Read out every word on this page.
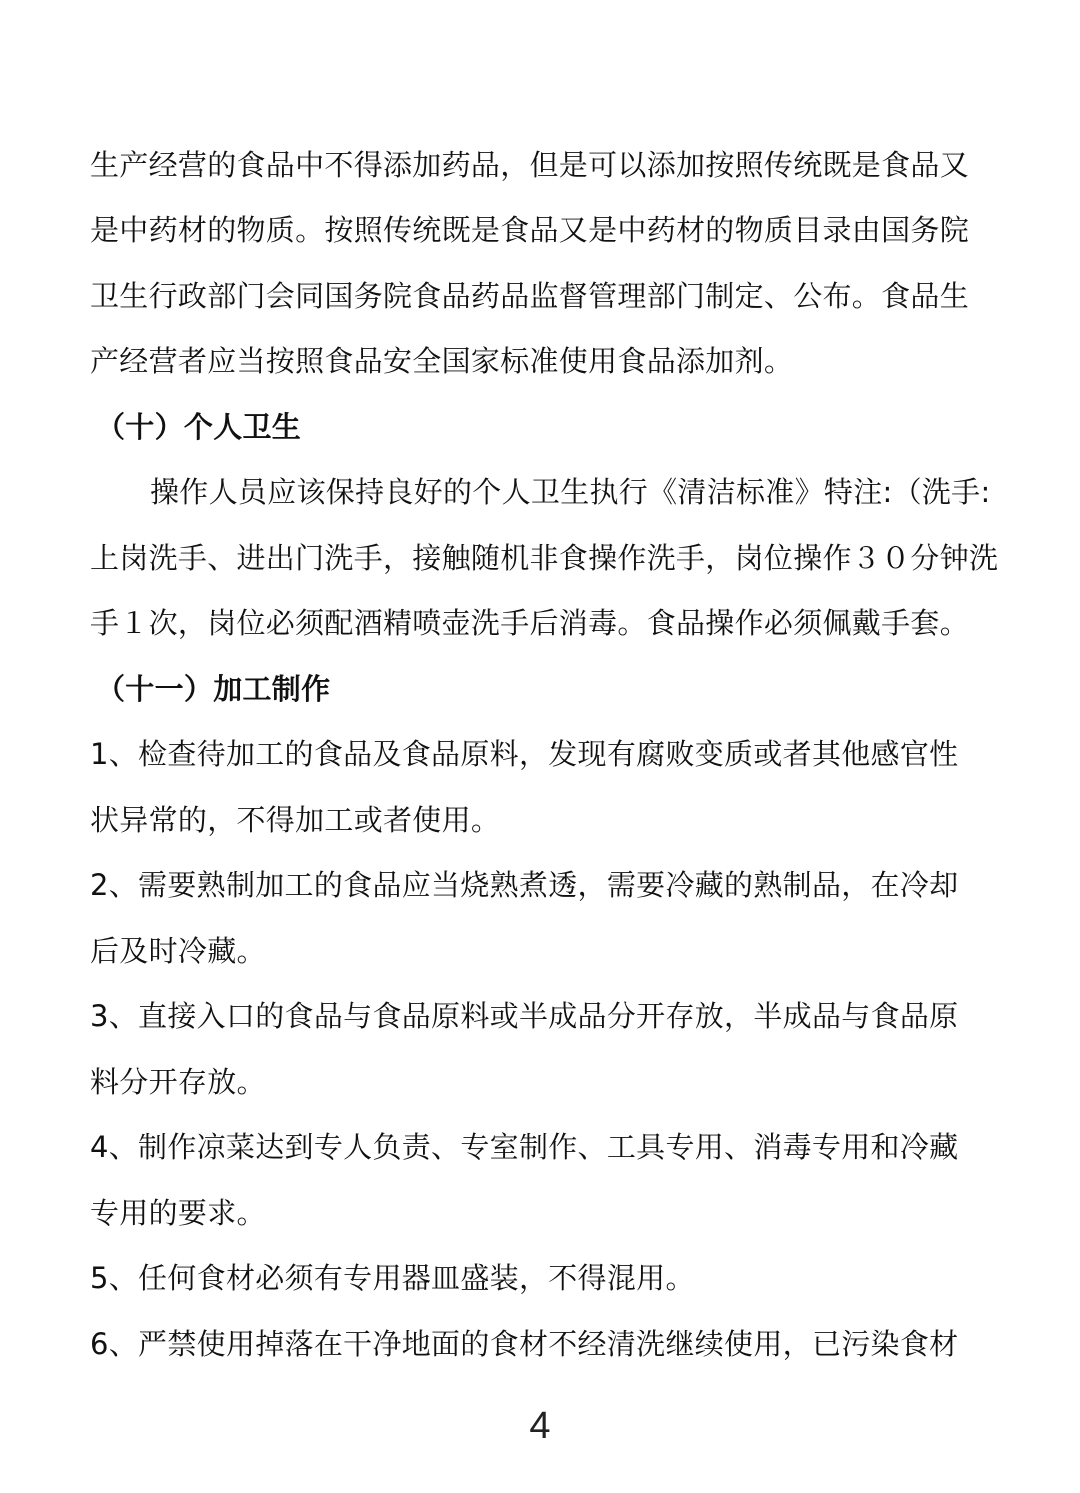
生产经营的食品中不得添加药品，但是可以添加按照传统既是食品又
是中药材的物质。按照传统既是食品又是中药材的物质目录由国务院
卫生行政部门会同国务院食品药品监督管理部门制定、公布。食品生
产经营者应当按照食品安全国家标准使用食品添加剂。
（十）个人卫生
操作人员应该保持良好的个人卫生执行《清洁标准》特注:（洗手:
上岗洗手、进出门洗手，接触随机非食操作洗手，岗位操作３０分钟洗
手１次，岗位必须配酒精喷壶洗手后消毒。食品操作必须佩戴手套。
（十一）加工制作
1、检查待加工的食品及食品原料，发现有腐败变质或者其他感官性
状异常的，不得加工或者使用。
2、需要熟制加工的食品应当烧熟煮透，需要冷藏的熟制品，在冷却
后及时冷藏。
3、直接入口的食品与食品原料或半成品分开存放，半成品与食品原
料分开存放。
4、制作凉菜达到专人负责、专室制作、工具专用、消毒专用和冷藏
专用的要求。
5、任何食材必须有专用器皿盛装，不得混用。
6、严禁使用掉落在干净地面的食材不经清洗继续使用，已污染食材
4
